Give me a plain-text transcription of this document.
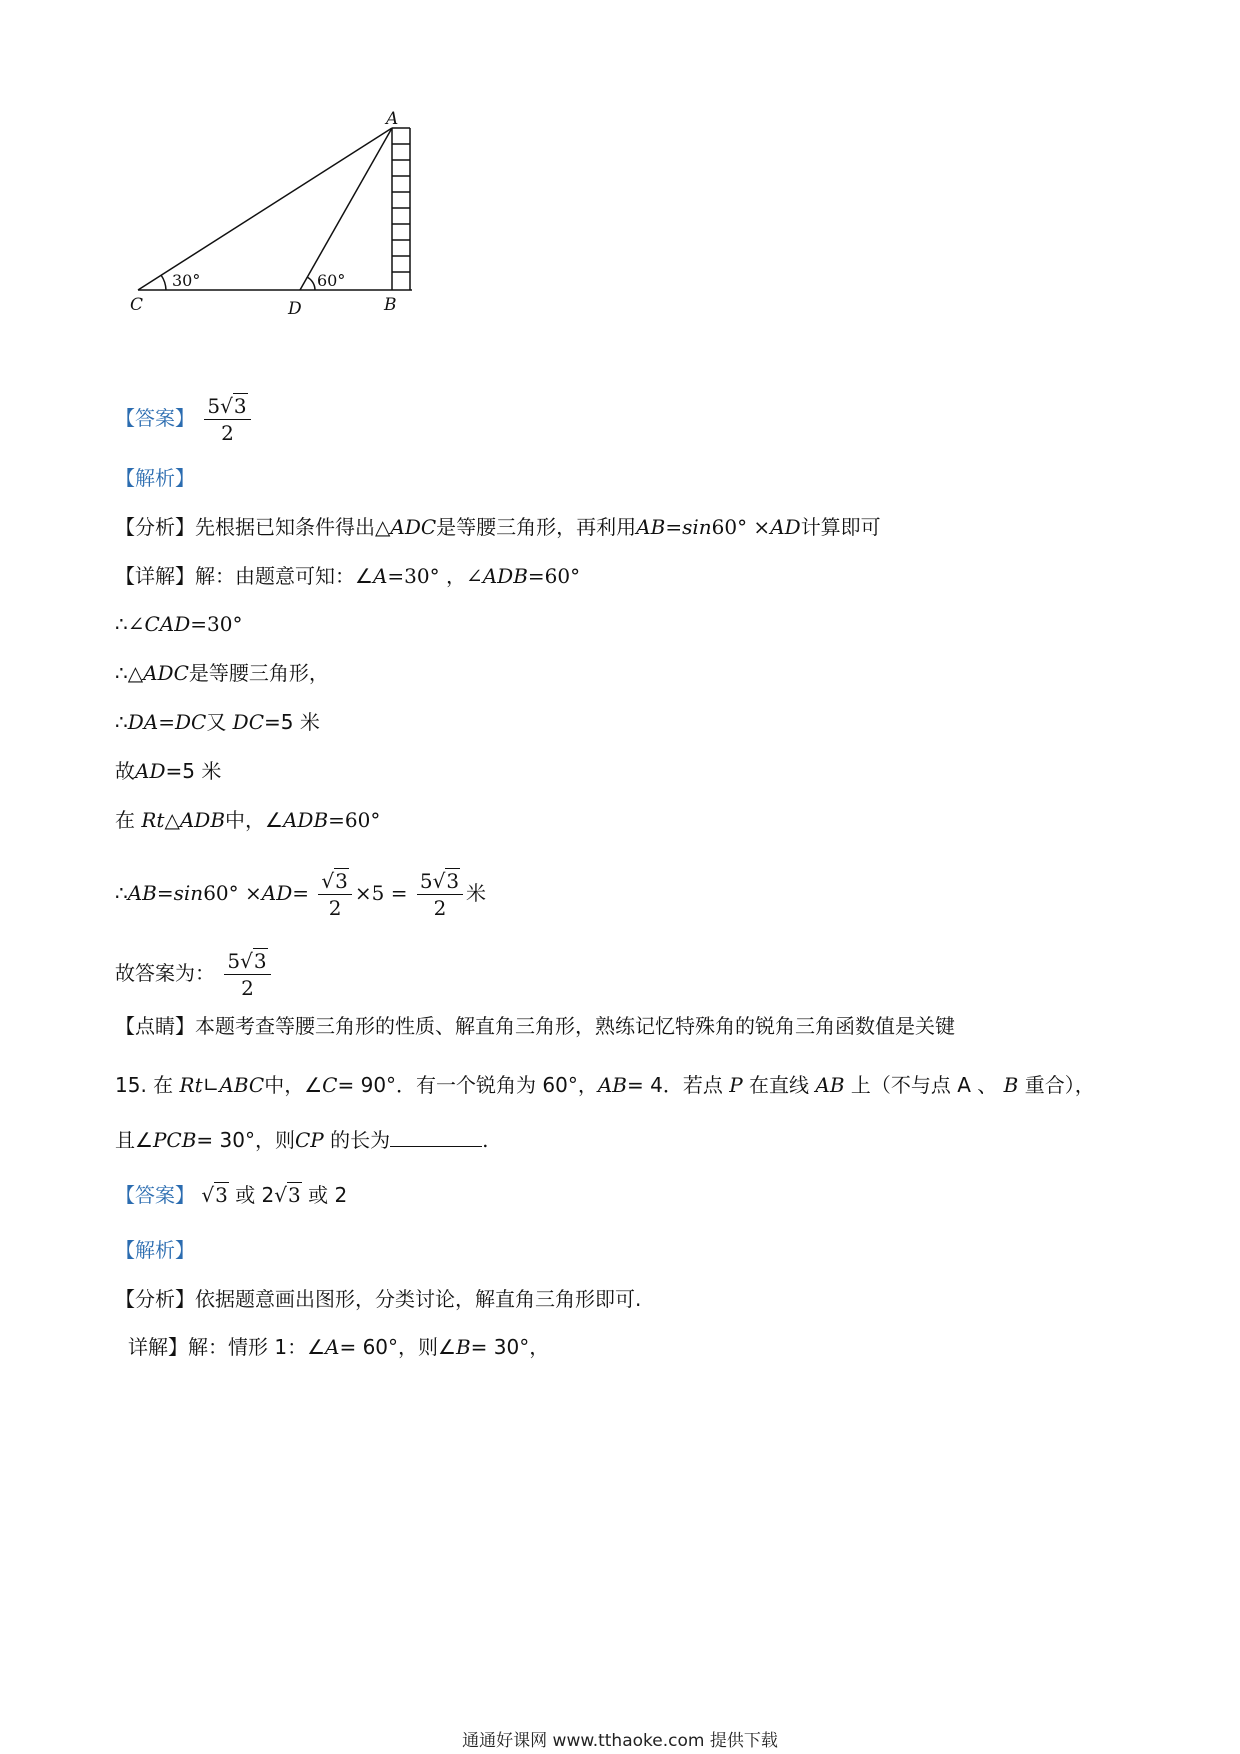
A
C	D	B
30°	60°
【答案】 $\frac{5√3}{2}$
【解析】
【分析】先根据已知条件得出△ADC是等腰三角形，再利用AB=sin60° ×AD计算即可
【详解】解：由题意可知：∠A=30° ，∠ADB=60°
∴∠CAD=30°
∴△ADC是等腰三角形，
∴DA=DC又 DC=5 米
故AD=5 米
在 Rt△ADB中，∠ADB=60°
∴AB=sin60° $\times AD= \frac{√3}{2} \times 5 = \frac{5√3}{2}$ 米
故答案为： $\frac{5√3}{2}$
【点睛】本题考查等腰三角形的性质、解直角三角形，熟练记忆特殊角的锐角三角函数值是关键
15. 在 Rt∟ABC中，∠C= 90°．有一个锐角为 60°，AB= 4．若点 P 在直线 AB 上（不与点 A 、 B 重合），
且∠PCB= 30°，则CP 的长为	.
【答案】 √3 或 2√3 或 2
【解析】
【分析】依据题意画出图形，分类讨论，解直角三角形即可.
详解】解：情形 1：∠A= 60°，则∠B= 30°，
通通好课网 www.tthaoke.com 提供下载
